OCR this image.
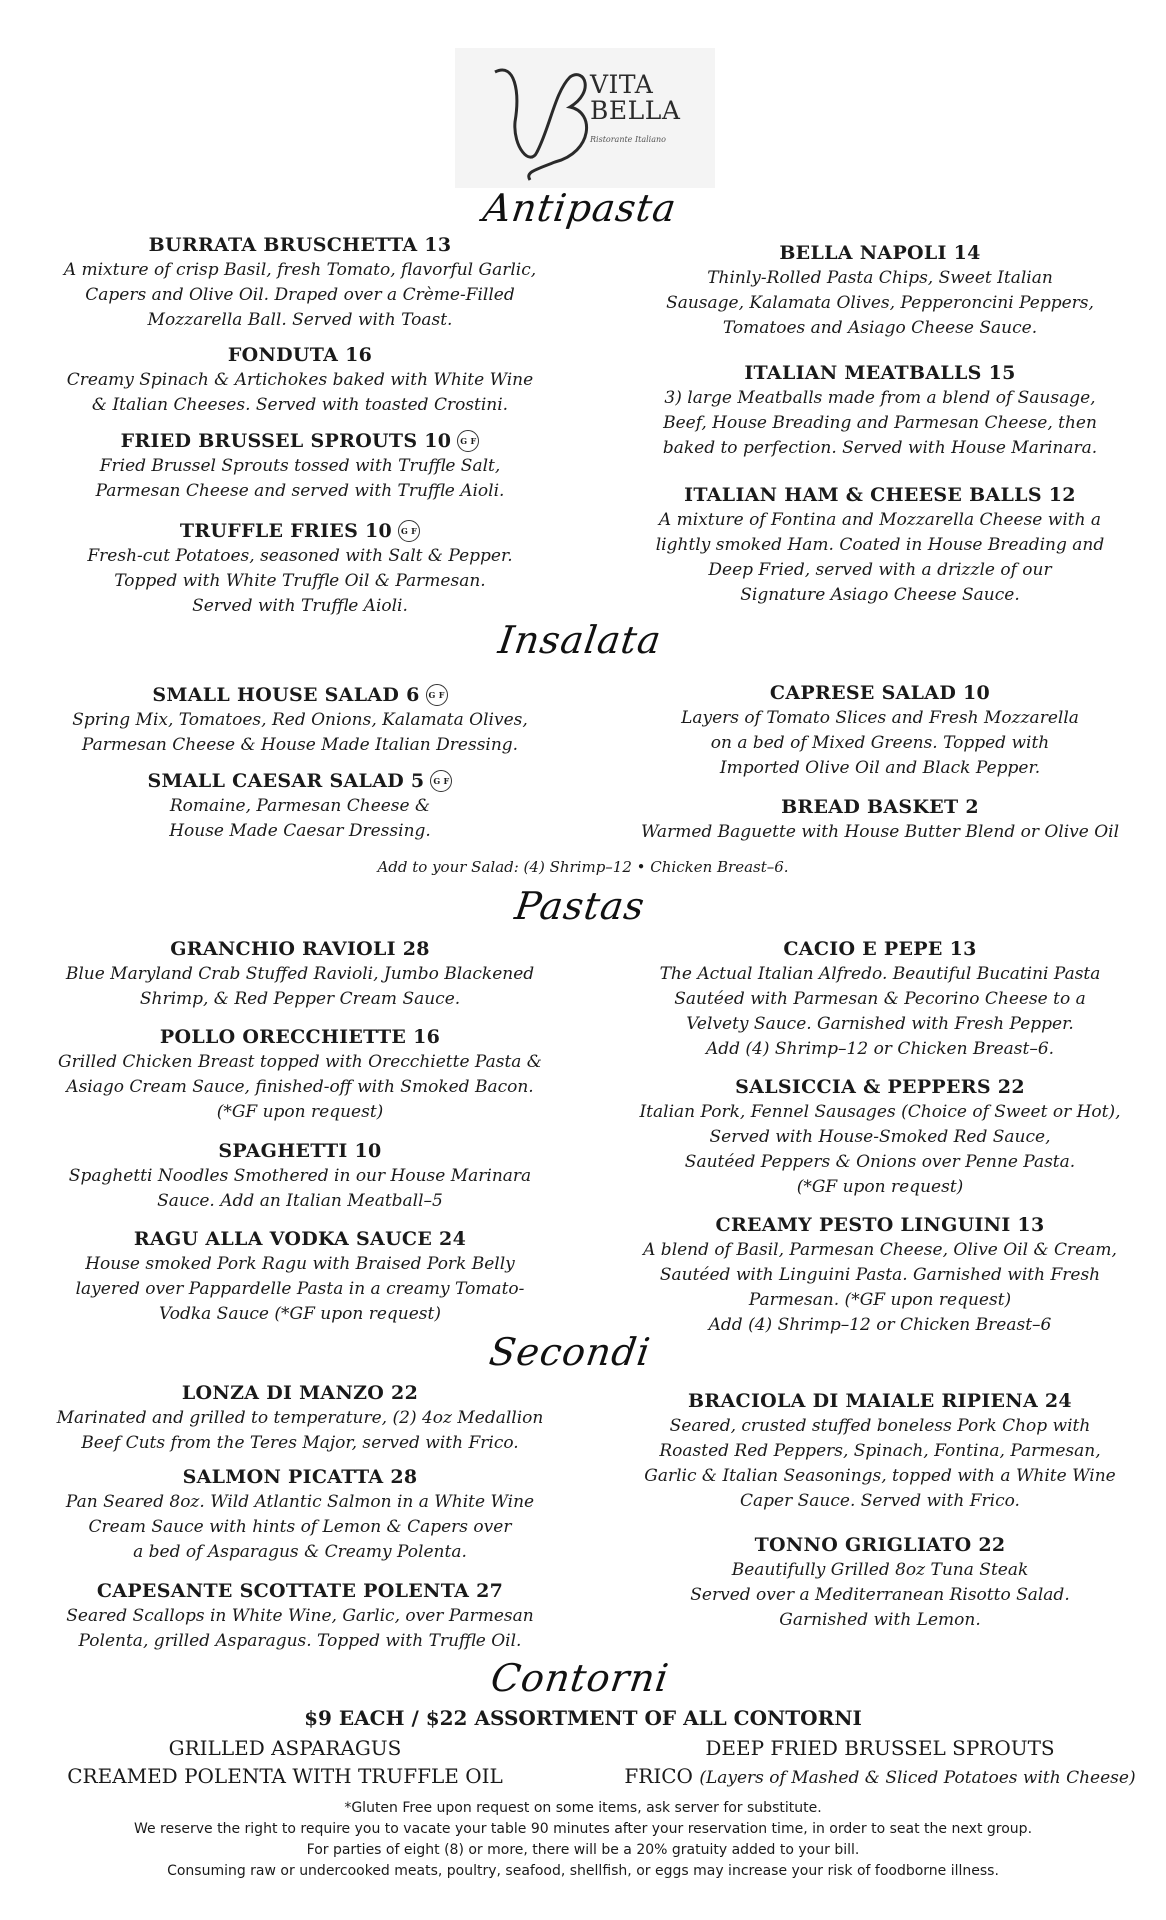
VITA
BELLA
Ristorante Italiano
Antipasta
BURRATA BRUSCHETTA 13
A mixture of crisp Basil, fresh Tomato, flavorful Garlic,
Capers and Olive Oil. Draped over a Crème-Filled
Mozzarella Ball. Served with Toast.
FONDUTA 16
Creamy Spinach & Artichokes baked with White Wine
& Italian Cheeses. Served with toasted Crostini.
FRIED BRUSSEL SPROUTS 10 G F
Fried Brussel Sprouts tossed with Truffle Salt,
Parmesan Cheese and served with Truffle Aioli.
TRUFFLE FRIES 10 G F
Fresh-cut Potatoes, seasoned with Salt & Pepper.
Topped with White Truffle Oil & Parmesan.
Served with Truffle Aioli.
BELLA NAPOLI 14
Thinly-Rolled Pasta Chips, Sweet Italian
Sausage, Kalamata Olives, Pepperoncini Peppers,
Tomatoes and Asiago Cheese Sauce.
ITALIAN MEATBALLS 15
3) large Meatballs made from a blend of Sausage,
Beef, House Breading and Parmesan Cheese, then
baked to perfection. Served with House Marinara.
ITALIAN HAM & CHEESE BALLS 12
A mixture of Fontina and Mozzarella Cheese with a
lightly smoked Ham. Coated in House Breading and
Deep Fried, served with a drizzle of our
Signature Asiago Cheese Sauce.
Insalata
SMALL HOUSE SALAD 6 G F
Spring Mix, Tomatoes, Red Onions, Kalamata Olives,
Parmesan Cheese & House Made Italian Dressing.
SMALL CAESAR SALAD 5 G F
Romaine, Parmesan Cheese &
House Made Caesar Dressing.
CAPRESE SALAD 10
Layers of Tomato Slices and Fresh Mozzarella
on a bed of Mixed Greens. Topped with
Imported Olive Oil and Black Pepper.
BREAD BASKET 2
Warmed Baguette with House Butter Blend or Olive Oil
Add to your Salad: (4) Shrimp–12 • Chicken Breast–6.
Pastas
GRANCHIO RAVIOLI 28
Blue Maryland Crab Stuffed Ravioli, Jumbo Blackened
Shrimp, & Red Pepper Cream Sauce.
POLLO ORECCHIETTE 16
Grilled Chicken Breast topped with Orecchiette Pasta &
Asiago Cream Sauce, finished-off with Smoked Bacon.
(*GF upon request)
SPAGHETTI 10
Spaghetti Noodles Smothered in our House Marinara
Sauce. Add an Italian Meatball–5
RAGU ALLA VODKA SAUCE 24
House smoked Pork Ragu with Braised Pork Belly
layered over Pappardelle Pasta in a creamy Tomato-
Vodka Sauce (*GF upon request)
CACIO E PEPE 13
The Actual Italian Alfredo. Beautiful Bucatini Pasta
Sautéed with Parmesan & Pecorino Cheese to a
Velvety Sauce. Garnished with Fresh Pepper.
Add (4) Shrimp–12 or Chicken Breast–6.
SALSICCIA & PEPPERS 22
Italian Pork, Fennel Sausages (Choice of Sweet or Hot),
Served with House-Smoked Red Sauce,
Sautéed Peppers & Onions over Penne Pasta.
(*GF upon request)
CREAMY PESTO LINGUINI 13
A blend of Basil, Parmesan Cheese, Olive Oil & Cream,
Sautéed with Linguini Pasta. Garnished with Fresh
Parmesan. (*GF upon request)
Add (4) Shrimp–12 or Chicken Breast–6
Secondi
LONZA DI MANZO 22
Marinated and grilled to temperature, (2) 4oz Medallion
Beef Cuts from the Teres Major, served with Frico.
SALMON PICATTA 28
Pan Seared 8oz. Wild Atlantic Salmon in a White Wine
Cream Sauce with hints of Lemon & Capers over
a bed of Asparagus & Creamy Polenta.
CAPESANTE SCOTTATE POLENTA 27
Seared Scallops in White Wine, Garlic, over Parmesan
Polenta, grilled Asparagus. Topped with Truffle Oil.
BRACIOLA DI MAIALE RIPIENA 24
Seared, crusted stuffed boneless Pork Chop with
Roasted Red Peppers, Spinach, Fontina, Parmesan,
Garlic & Italian Seasonings, topped with a White Wine
Caper Sauce. Served with Frico.
TONNO GRIGLIATO 22
Beautifully Grilled 8oz Tuna Steak
Served over a Mediterranean Risotto Salad.
Garnished with Lemon.
Contorni
$9 EACH / $22 ASSORTMENT OF ALL CONTORNI
GRILLED ASPARAGUS
CREAMED POLENTA WITH TRUFFLE OIL
DEEP FRIED BRUSSEL SPROUTS
FRICO (Layers of Mashed & Sliced Potatoes with Cheese)
*Gluten Free upon request on some items, ask server for substitute.
We reserve the right to require you to vacate your table 90 minutes after your reservation time, in order to seat the next group.
For parties of eight (8) or more, there will be a 20% gratuity added to your bill.
Consuming raw or undercooked meats, poultry, seafood, shellfish, or eggs may increase your risk of foodborne illness.
